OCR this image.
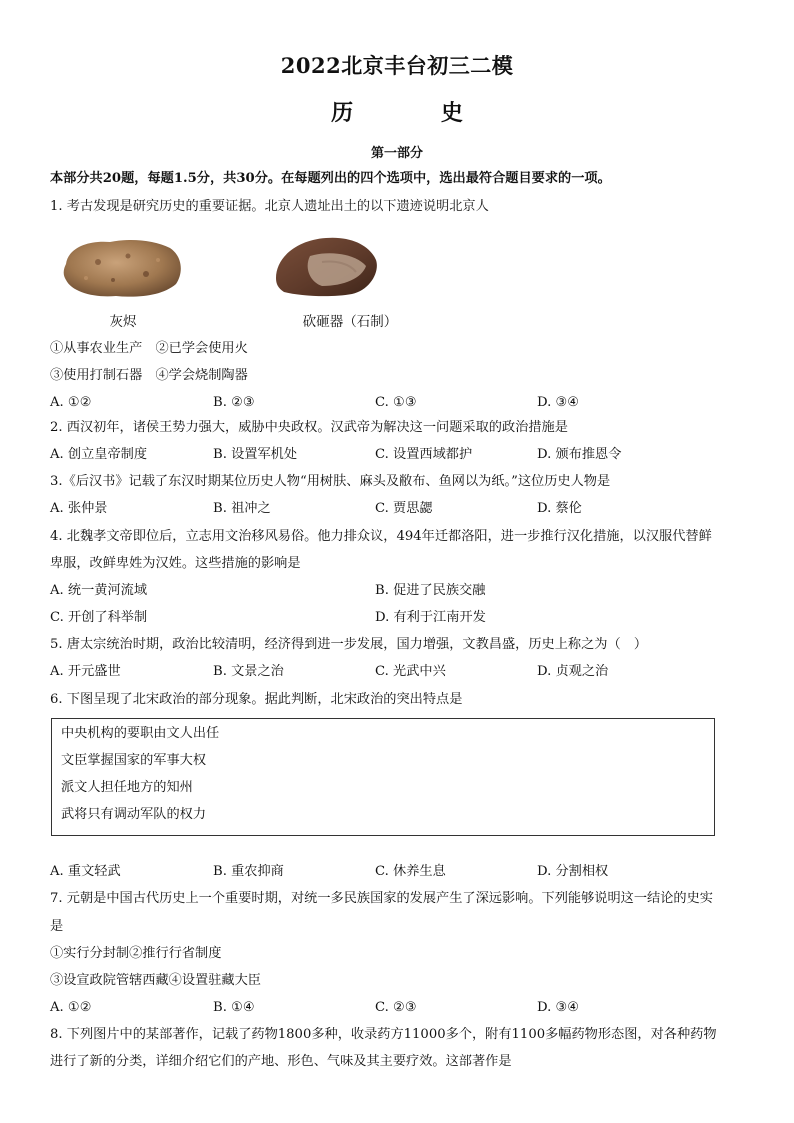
2022北京丰台初三二模
历 史
第一部分
本部分共20题，每题1.5分，共30分。在每题列出的四个选项中，选出最符合题目要求的一项。
1. 考古发现是研究历史的重要证据。北京人遗址出土的以下遗迹说明北京人
灰烬	砍砸器（石制）
①从事农业生产　②已学会使用火
③使用打制石器　④学会烧制陶器
A. ①②	B. ②③	C. ①③	D. ③④
2. 西汉初年，诸侯王势力强大，威胁中央政权。汉武帝为解决这一问题采取的政治措施是
A. 创立皇帝制度	B. 设置军机处	C. 设置西域都护	D. 颁布推恩令
3.《后汉书》记载了东汉时期某位历史人物“用树肤、麻头及敝布、鱼网以为纸。”这位历史人物是
A. 张仲景	B. 祖冲之	C. 贾思勰	D. 蔡伦
4. 北魏孝文帝即位后，立志用文治移风易俗。他力排众议，494年迁都洛阳，进一步推行汉化措施，以汉服代替鲜
卑服，改鲜卑姓为汉姓。这些措施的影响是
A. 统一黄河流域	B. 促进了民族交融
C. 开创了科举制	D. 有利于江南开发
5. 唐太宗统治时期，政治比较清明，经济得到进一步发展，国力增强，文教昌盛，历史上称之为（　）
A. 开元盛世	B. 文景之治	C. 光武中兴	D. 贞观之治
6. 下图呈现了北宋政治的部分现象。据此判断，北宋政治的突出特点是
中央机构的要职由文人出任
文臣掌握国家的军事大权
派文人担任地方的知州
武将只有调动军队的权力
A. 重文轻武	B. 重农抑商	C. 休养生息	D. 分割相权
7. 元朝是中国古代历史上一个重要时期，对统一多民族国家的发展产生了深远影响。下列能够说明这一结论的史实
是
①实行分封制②推行行省制度
③设宣政院管辖西藏④设置驻藏大臣
A. ①②	B. ①④	C. ②③	D. ③④
8. 下列图片中的某部著作，记载了药物1800多种，收录药方11000多个，附有1100多幅药物形态图，对各种药物
进行了新的分类，详细介绍它们的产地、形色、气味及其主要疗效。这部著作是
